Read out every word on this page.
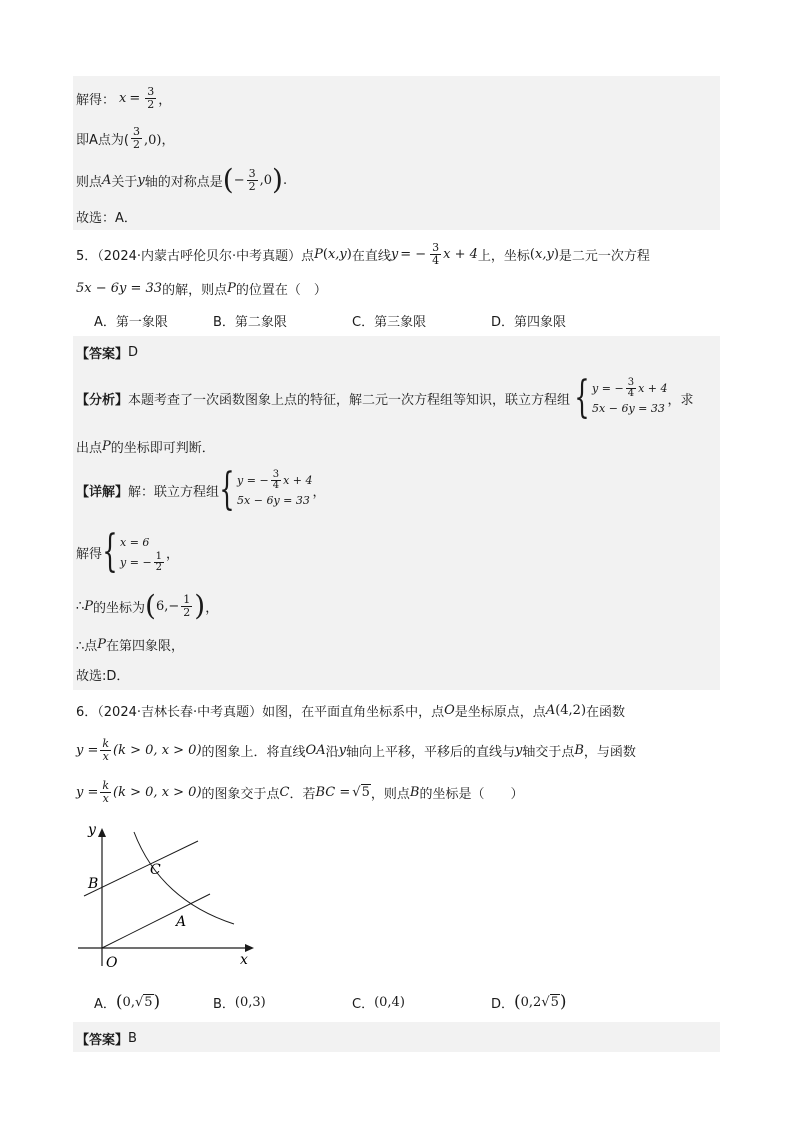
解得： $x = \frac{3}{2}$ ，
即A点为( $\frac{3}{2} ,0$)，
则点 A 关于 y 轴的对称点是 ( − $\frac{3}{2} ,0$ ) .
故选：A．
5．（2024·内蒙古呼伦贝尔·中考真题）点 P ( x,y ) 在直线 y = − $\frac{3}{4}$ x + 4 上，坐标 ( x,y ) 是二元一次方程
5x − 6y = 33 的解，则点 P 的位置在（　）
A．第一象限	B．第二象限	C．第三象限	D．第四象限
【答案】 D
【分析】 本题考查了一次函数图象上点的特征，解二元一次方程组等知识，联立方程组 { y = − $\frac{3}{4}$ x + 4
5x − 6y = 33
，求
出点 P 的坐标即可判断．
【详解】 解：联立方程组 { y = − $\frac{3}{4}$ x + 4
5x − 6y = 33
，
解得 { x = 6
y = − $\frac{1}{2}$ ，
∴ P 的坐标为 ( $6,- \frac{1}{2}$ ) ，
∴点 P 在第四象限，
故选:D．
6．（2024·吉林长春·中考真题）如图，在平面直角坐标系中，点 O 是坐标原点，点 A ( 4,2 ) 在函数
$y = \frac{k}{x} (k > 0$, x > 0) 的图象上．将直线 OA 沿 y 轴向上平移，平移后的直线与 y 轴交于点 B ，与函数
$y = \frac{k}{x} (k > 0$, x > 0) 的图象交于点 C ．若 BC = √ 5 ，则点 B 的坐标是（　　）
y
x
O
A
B
C
A． ( 0, √ 5 )	B． (0,3)	C． (0,4)	D． ( 0,2 √ 5 )
【答案】 B
